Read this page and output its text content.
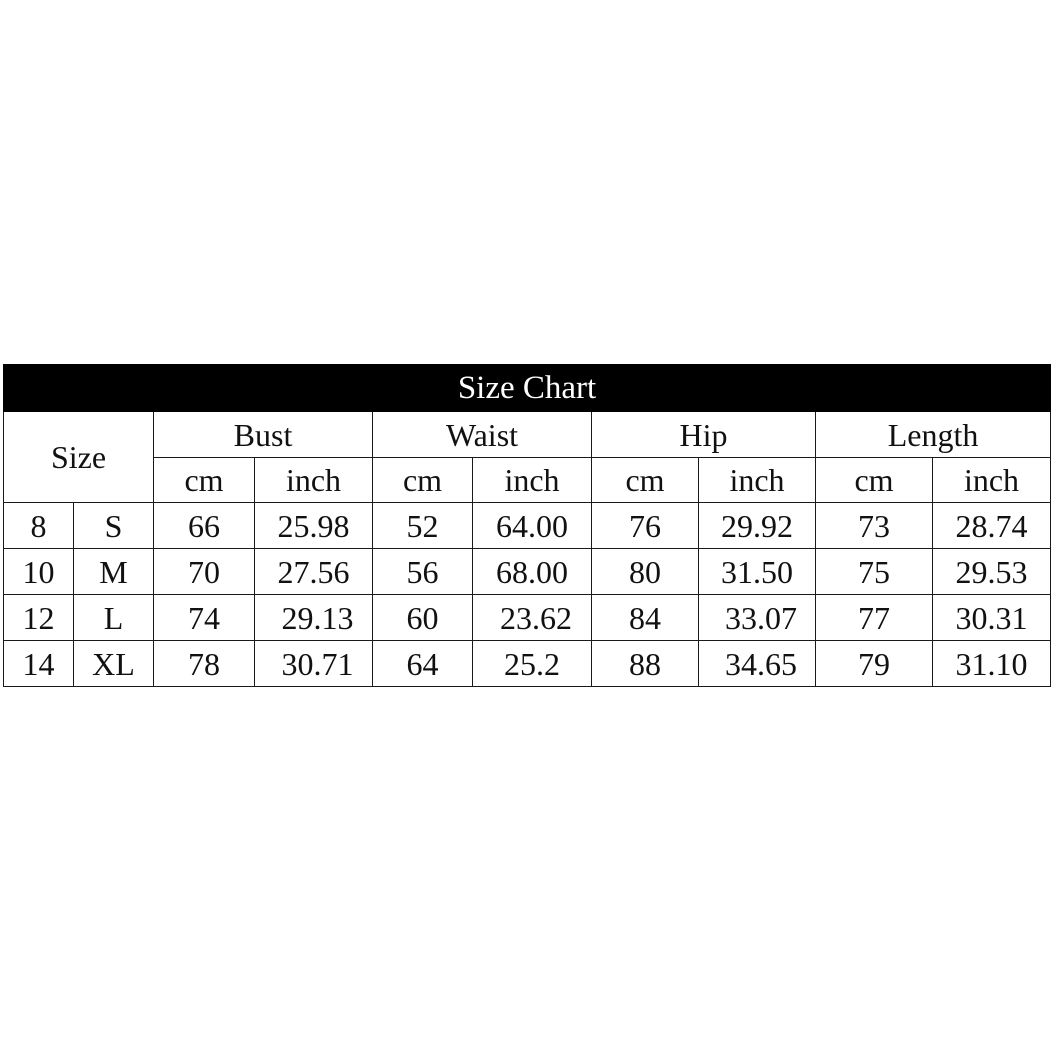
Size Chart									
Size		Bust		Waist		Hip		Length	
		cm	inch	cm	inch	cm	inch	cm	inch
8	S	66	25.98	52	64.00	76	29.92	73	28.74
10	M	70	27.56	56	68.00	80	31.50	75	29.53
12	L	74	29.13	60	23.62	84	33.07	77	30.31
14	XL	78	30.71	64	25.2	88	34.65	79	31.10
